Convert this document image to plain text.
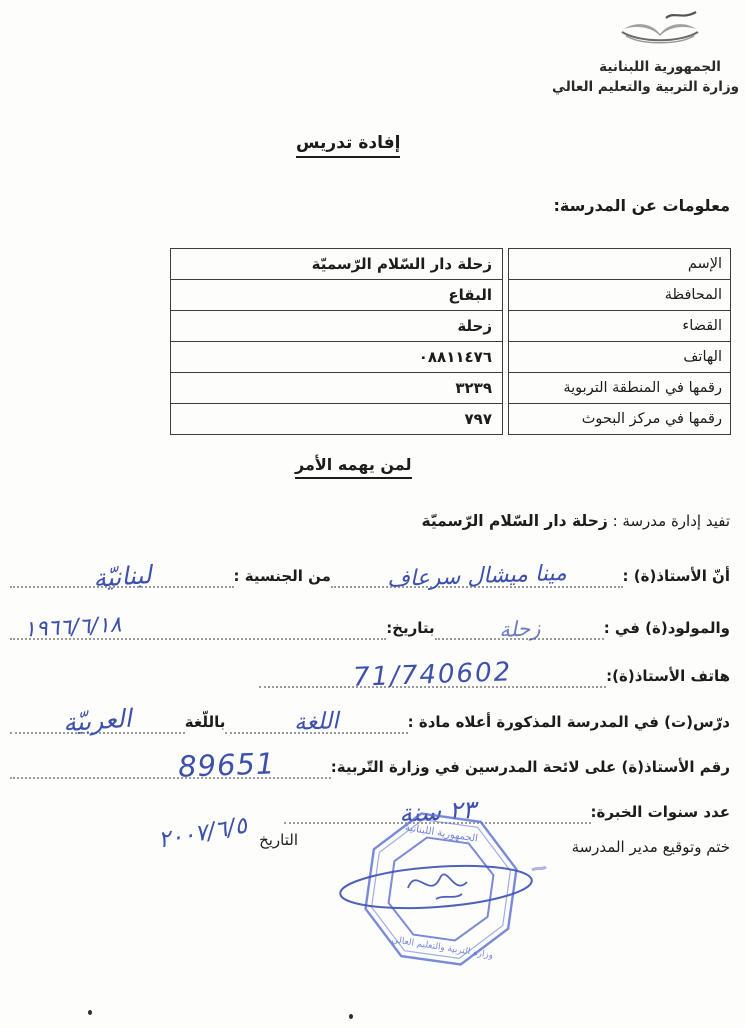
الجمهورية اللبنانية
وزارة التربية والتعليم العالي
إفادة تدريس
معلومات عن المدرسة:
الإسم
زحلة دار السّلام الرّسميّة
المحافظة
البقاع
القضاء
زحلة
الهاتف
٠٨٨١١٤٧٦
رقمها في المنطقة التربوية
٣٢٣٩
رقمها في مركز البحوث
٧٩٧
لمن يهمه الأمر
تفيد إدارة مدرسة : زحلة دار السّلام الرّسميّة
أنّ الأستاذ(ة) :
مينا ميشال سرعاف
من الجنسية :
لبنانيّة
والمولود(ة) في :
زحلة
بتاريخ:
١٩٦٦/٦/١٨
هاتف الأستاذ(ة):
71/740602
درّس(ت) في المدرسة المذكورة أعلاه مادة :
اللغة
باللّغة
العربيّة
رقم الأستاذ(ة) على لائحة المدرسين في وزارة التّربية:
89651
عدد سنوات الخبرة:
٢٣ سنة
ختم وتوقيع مدير المدرسة
التاريخ
٢٠٠٧/٦/٥	الجمهورية اللبنانية
وزارة التربية والتعليم العالي
